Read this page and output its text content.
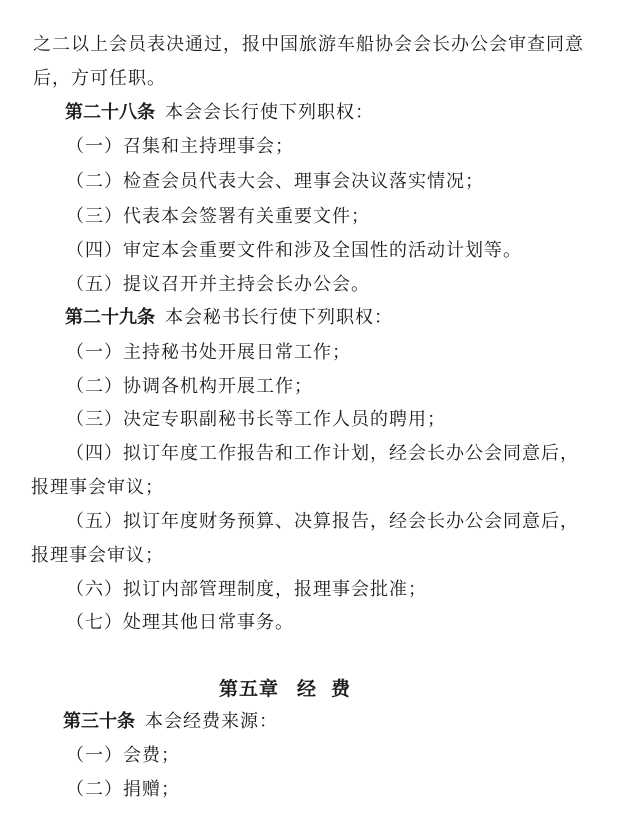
之二以上会员表决通过，报中国旅游车船协会会长办公会审查同意
后，方可任职。
第二十八条 本会会长行使下列职权：
（一）召集和主持理事会；
（二）检查会员代表大会、理事会决议落实情况；
（三）代表本会签署有关重要文件；
（四）审定本会重要文件和涉及全国性的活动计划等。
（五）提议召开并主持会长办公会。
第二十九条 本会秘书长行使下列职权：
（一）主持秘书处开展日常工作；
（二）协调各机构开展工作；
（三）决定专职副秘书长等工作人员的聘用；
（四）拟订年度工作报告和工作计划，经会长办公会同意后，
报理事会审议；
（五）拟订年度财务预算、决算报告，经会长办公会同意后，
报理事会审议；
（六）拟订内部管理制度，报理事会批准；
（七）处理其他日常事务。
第五章 经 费
第三十条 本会经费来源：
（一）会费；
（二）捐赠；
